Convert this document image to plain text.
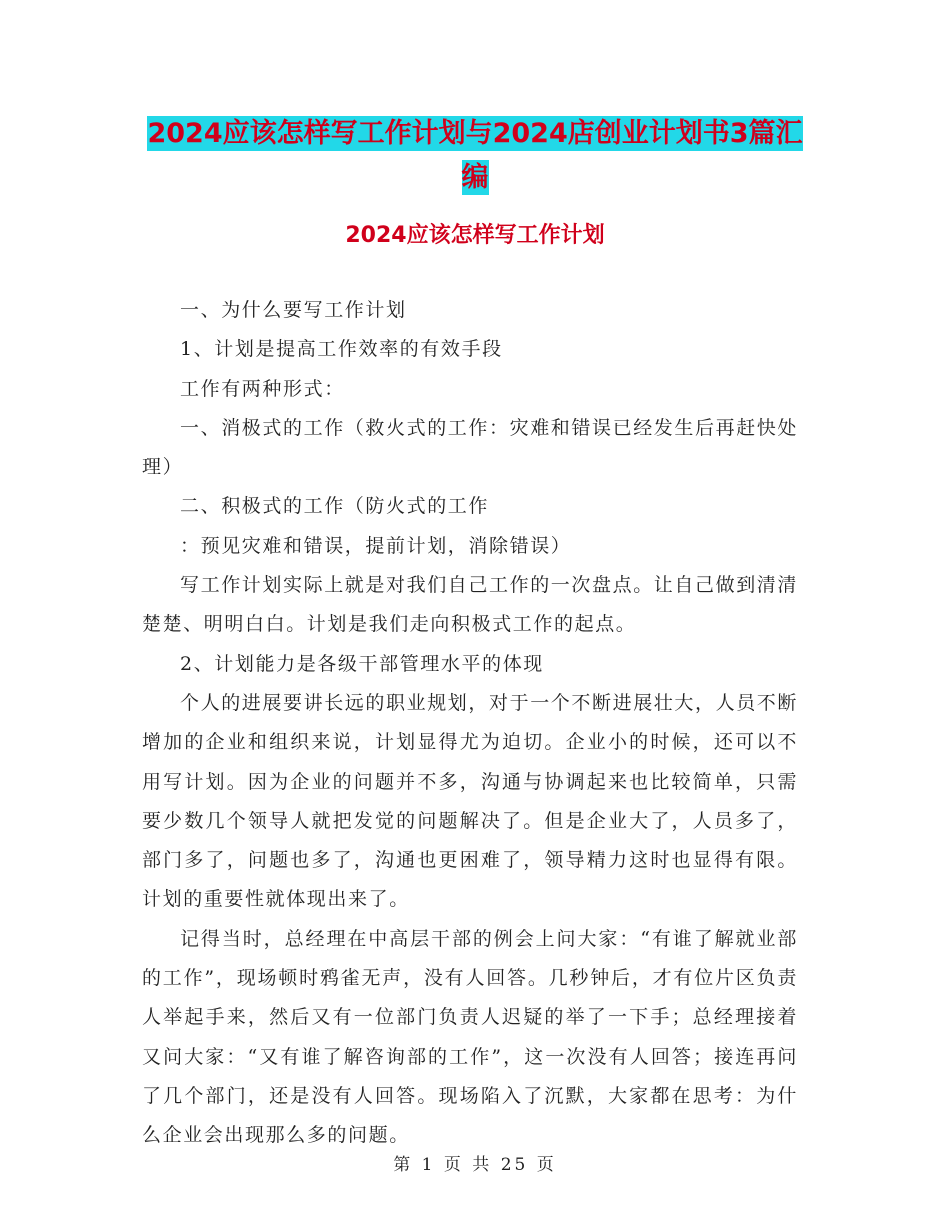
2024应该怎样写工作计划与2024店创业计划书3篇汇
编
2024应该怎样写工作计划

一、为什么要写工作计划

1、计划是提高工作效率的有效手段

工作有两种形式：

一、消极式的工作（救火式的工作：灾难和错误已经发生后再赶快处理）

二、积极式的工作（防火式的工作

：预见灾难和错误，提前计划，消除错误）

写工作计划实际上就是对我们自己工作的一次盘点。让自己做到清清楚楚、明明白白。计划是我们走向积极式工作的起点。

2、计划能力是各级干部管理水平的体现

个人的进展要讲长远的职业规划，对于一个不断进展壮大，人员不断增加的企业和组织来说，计划显得尤为迫切。企业小的时候，还可以不用写计划。因为企业的问题并不多，沟通与协调起来也比较简单，只需要少数几个领导人就把发觉的问题解决了。但是企业大了，人员多了，部门多了，问题也多了，沟通也更困难了，领导精力这时也显得有限。计划的重要性就体现出来了。

记得当时，总经理在中高层干部的例会上问大家：“有谁了解就业部的工作”，现场顿时鸦雀无声，没有人回答。几秒钟后，才有位片区负责人举起手来，然后又有一位部门负责人迟疑的举了一下手；总经理接着又问大家：“又有谁了解咨询部的工作”，这一次没有人回答；接连再问了几个部门，还是没有人回答。现场陷入了沉默，大家都在思考：为什么企业会出现那么多的问题。

第 1 页 共 25 页
